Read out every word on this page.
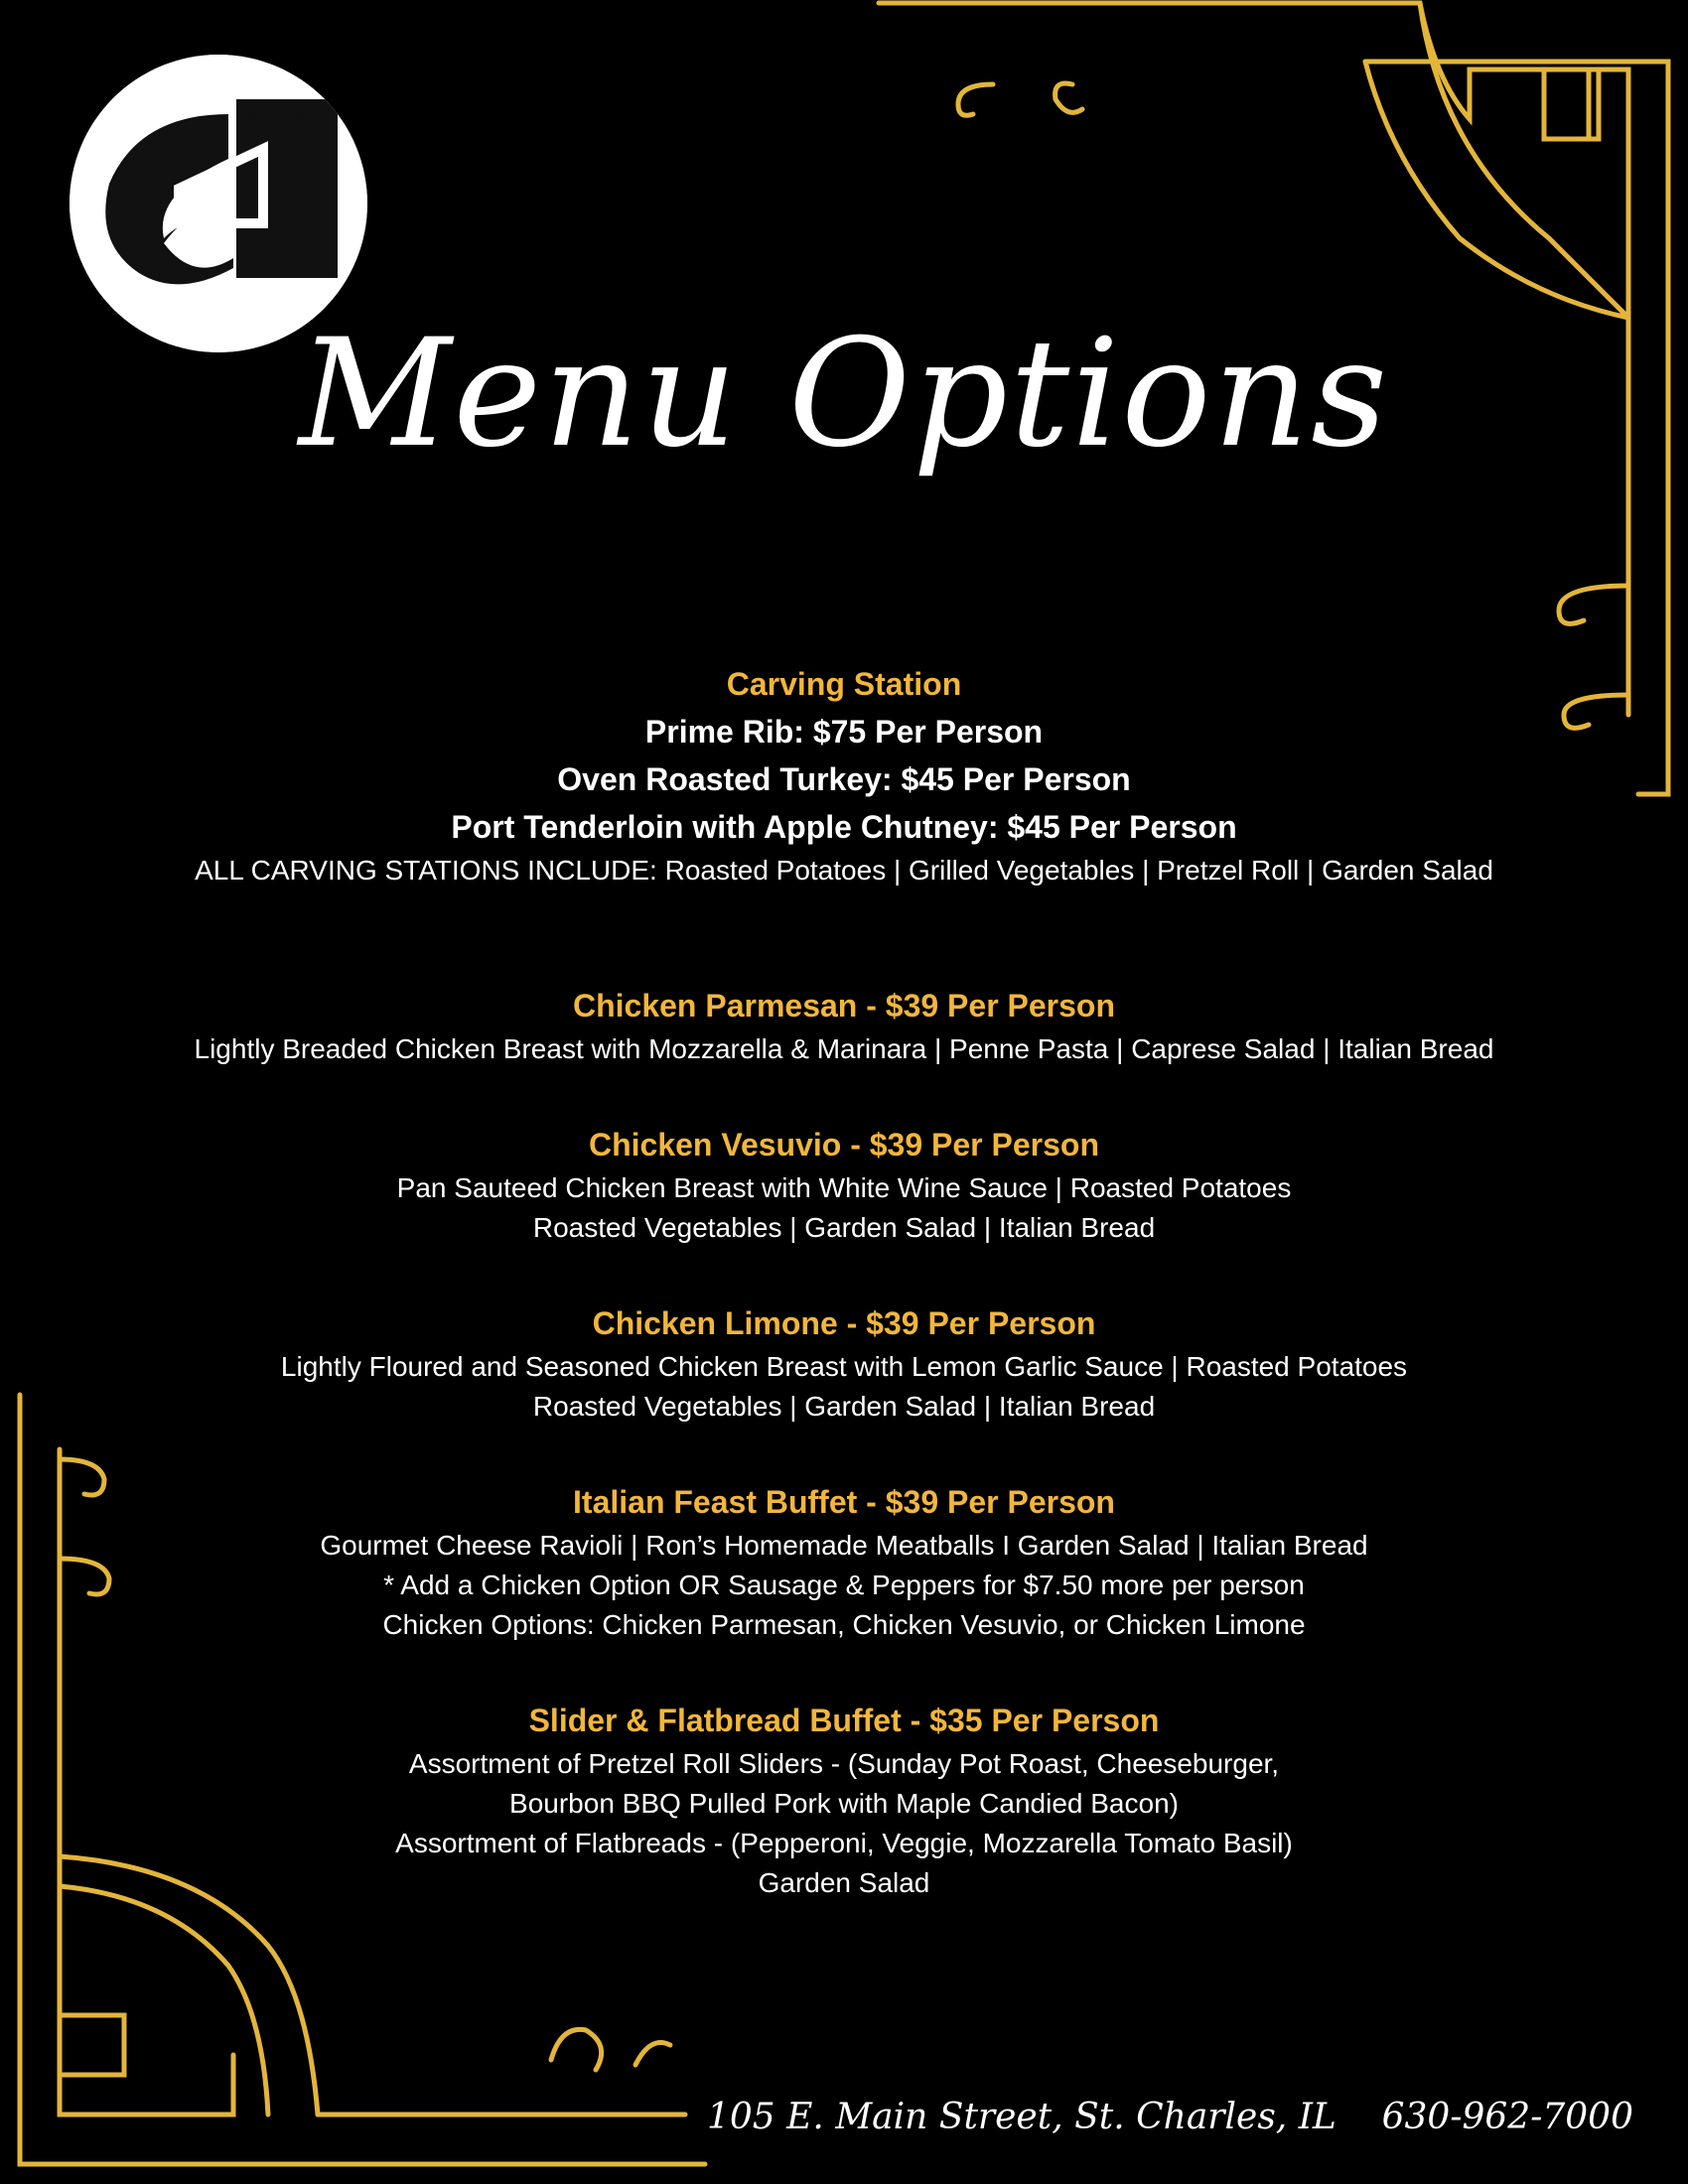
STUDIO
Menu Options
Carving Station
Prime Rib: $75 Per Person
Oven Roasted Turkey: $45 Per Person
Port Tenderloin with Apple Chutney: $45 Per Person
ALL CARVING STATIONS INCLUDE: Roasted Potatoes | Grilled Vegetables | Pretzel Roll | Garden Salad
Chicken Parmesan - $39 Per Person
Lightly Breaded Chicken Breast with Mozzarella & Marinara | Penne Pasta | Caprese Salad | Italian Bread
Chicken Vesuvio - $39 Per Person
Pan Sauteed Chicken Breast with White Wine Sauce | Roasted Potatoes
Roasted Vegetables | Garden Salad | Italian Bread
Chicken Limone - $39 Per Person
Lightly Floured and Seasoned Chicken Breast with Lemon Garlic Sauce | Roasted Potatoes
Roasted Vegetables | Garden Salad | Italian Bread
Italian Feast Buffet - $39 Per Person
Gourmet Cheese Ravioli | Ron’s Homemade Meatballs I Garden Salad | Italian Bread
* Add a Chicken Option OR Sausage & Peppers for $7.50 more per person
Chicken Options: Chicken Parmesan, Chicken Vesuvio, or Chicken Limone
Slider & Flatbread Buffet - $35 Per Person
Assortment of Pretzel Roll Sliders - (Sunday Pot Roast, Cheeseburger,
Bourbon BBQ Pulled Pork with Maple Candied Bacon)
Assortment of Flatbreads - (Pepperoni, Veggie, Mozzarella Tomato Basil)
Garden Salad
105 E. Main Street, St. Charles, IL 630-962-7000
